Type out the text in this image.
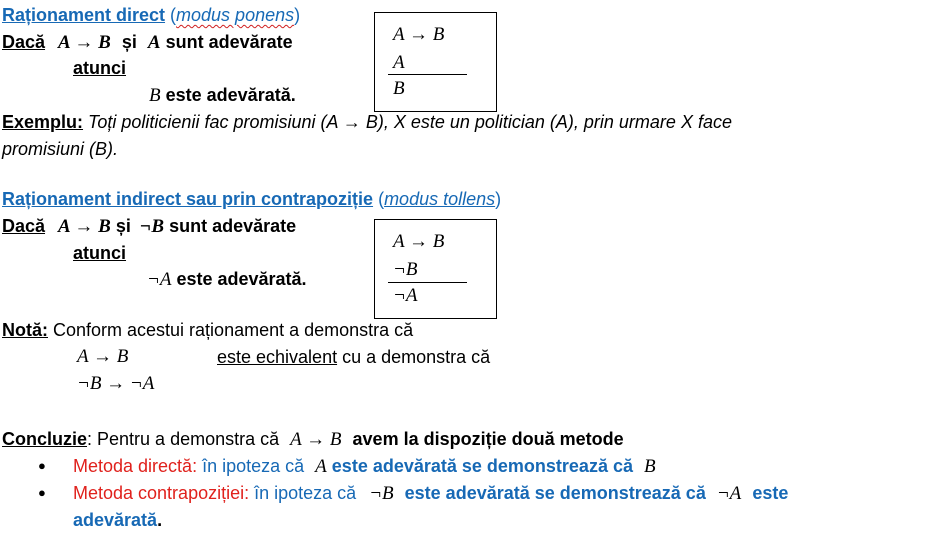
Raționament direct (modus ponens)
Dacă A → B și A sunt adevărate
atunci
B este adevărată.
A → B
A
B
Exemplu: Toți politicienii fac promisiuni (A → B), X este un politician (A), prin urmare X face
promisiuni (B).
Raționament indirect sau prin contrapoziție (modus tollens)
Dacă A → B și ¬B sunt adevărate
atunci
¬A este adevărată.
A → B
¬B
¬A
Notă: Conform acestui raționament a demonstra că
A → B	este echivalent cu a demonstra că
¬B → ¬A
Concluzie: Pentru a demonstra că A → B avem la dispoziție două metode
● Metoda directă: în ipoteza că A este adevărată se demonstrează că B
● Metoda contrapoziției: în ipoteza că ¬B este adevărată se demonstrează că ¬A este
adevărată.
